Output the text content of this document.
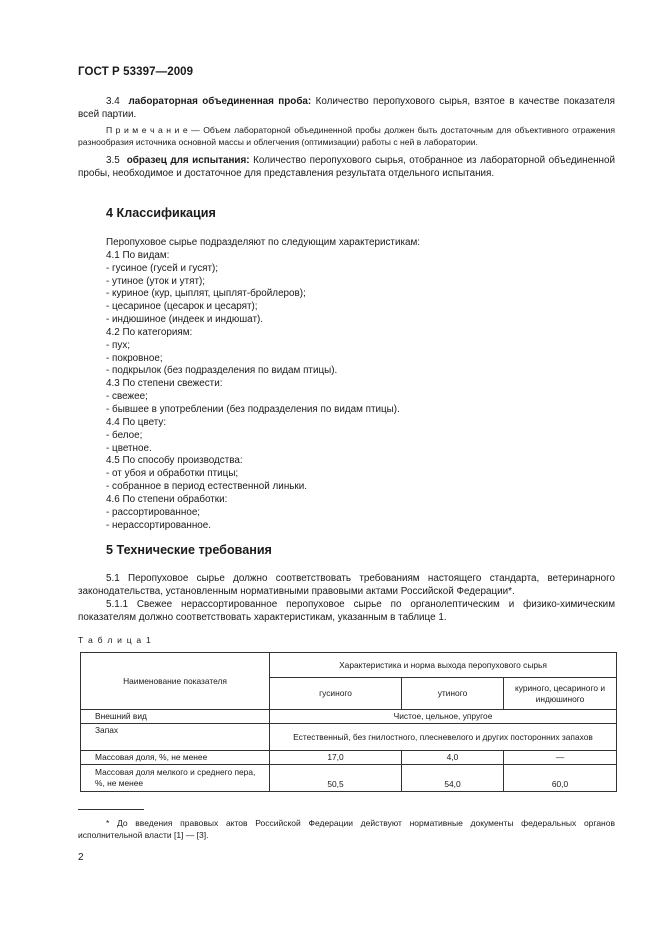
ГОСТ Р 53397—2009

3.4 лабораторная объединенная проба: Количество перопухового сырья, взятое в качестве показателя всей партии.

П р и м е ч а н и е — Объем лабораторной объединенной пробы должен быть достаточным для объективного отражения разнообразия источника основной массы и облегчения (оптимизации) работы с ней в лаборатории.

3.5 образец для испытания: Количество перопухового сырья, отобранное из лабораторной объединенной пробы, необходимое и достаточное для представления результата отдельного испытания.

4 Классификация
Перопуховое сырье подразделяют по следующим характеристикам:
4.1 По видам:
- гусиное (гусей и гусят);
- утиное (уток и утят);
- куриное (кур, цыплят, цыплят-бройлеров);
- цесариное (цесарок и цесарят);
- индюшиное (индеек и индюшат).
4.2 По категориям:
- пух;
- покровное;
- подкрылок (без подразделения по видам птицы).
4.3 По степени свежести:
- свежее;
- бывшее в употреблении (без подразделения по видам птицы).
4.4 По цвету:
- белое;
- цветное.
4.5 По способу производства:
- от убоя и обработки птицы;
- собранное в период естественной линьки.
4.6 По степени обработки:
- рассортированное;
- нерассортированное.
5 Технические требования

5.1 Перопуховое сырье должно соответствовать требованиям настоящего стандарта, ветеринарного законодательства, установленным нормативными правовыми актами Российской Федерации*.

5.1.1 Свежее нерассортированное перопуховое сырье по органолептическим и физико-химическим показателям должно соответствовать характеристикам, указанным в таблице 1.

Т а б л и ц а 1
Наименование показателя	Характеристика и норма выхода перопухового сырья		
	гусиного	утиного	куриного, цесариного и индюшиного
Внешний вид	Чистое, цельное, упругое		
Запах	Естественный, без гнилостного, плесневелого и других посторонних запахов		
Массовая доля, %, не менее	17,0	4,0	—
Массовая доля мелкого и среднего пера, %, не менее	50,5	54,0	60,0

* До введения правовых актов Российской Федерации действуют нормативные документы федеральных органов исполнительной власти [1] — [3].

2
